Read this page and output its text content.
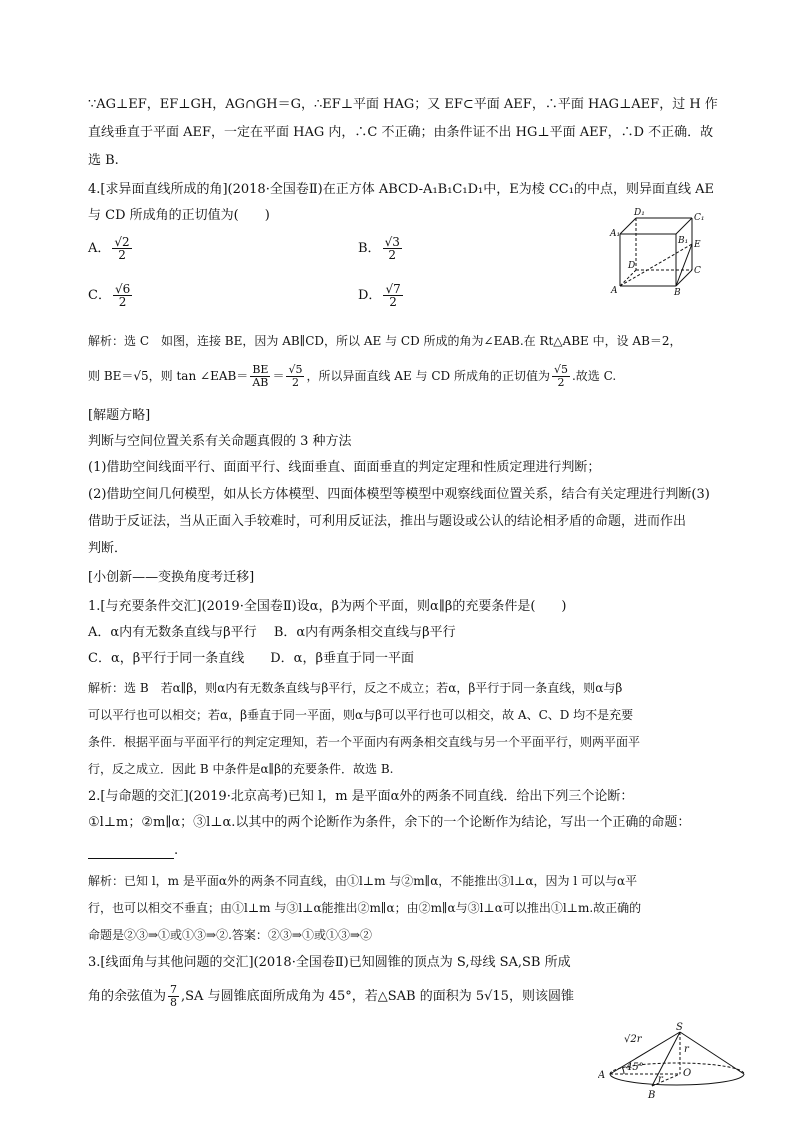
∵AG⊥EF，EF⊥GH，AG∩GH＝G，∴EF⊥平面 HAG；又 EF⊂平面 AEF，∴平面 HAG⊥AEF，过 H 作
直线垂直于平面 AEF，一定在平面 HAG 内，∴C 不正确；由条件证不出 HG⊥平面 AEF，∴D 不正确．故
选 B.
4.[求异面直线所成的角](2018·全国卷Ⅱ)在正方体 ABCD-A₁B₁C₁D₁中，E为棱 CC₁的中点，则异面直线 AE
与 CD 所成角的正切值为(　　)
A． $\frac{√2}{2}$	B． $\frac{√3}{2}$
C． $\frac{√6}{2}$	D． $\frac{√7}{2}$
D₁	C₁
A₁
B₁ E
D	C
A	B
解析：选 C　如图，连接 BE，因为 AB∥CD，所以 AE 与 CD 所成的角为∠EAB.在 Rt△ABE 中，设 AB＝2，
则 BE＝√5，则 tan ∠EAB＝ $\frac{BE}{AB} = \frac{√5}{2}$ ，所以异面直线 AE 与 CD 所成角的正切值为 $\frac{√5}{2}$ .故选 C.
[解题方略]
判断与空间位置关系有关命题真假的 3 种方法
(1)借助空间线面平行、面面平行、线面垂直、面面垂直的判定定理和性质定理进行判断；
(2)借助空间几何模型，如从长方体模型、四面体模型等模型中观察线面位置关系，结合有关定理进行判断(3)
借助于反证法，当从正面入手较难时，可利用反证法，推出与题设或公认的结论相矛盾的命题，进而作出
判断．
[小创新——变换角度考迁移]
1.[与充要条件交汇](2019·全国卷Ⅱ)设α，β为两个平面，则α∥β的充要条件是(　　)
A．α内有无数条直线与β平行　 B．α内有两条相交直线与β平行
C．α，β平行于同一条直线　　D．α，β垂直于同一平面
解析：选 B　若α∥β，则α内有无数条直线与β平行，反之不成立；若α，β平行于同一条直线，则α与β
可以平行也可以相交；若α，β垂直于同一平面，则α与β可以平行也可以相交，故 A、C、D 均不是充要
条件．根据平面与平面平行的判定定理知，若一个平面内有两条相交直线与另一个平面平行，则两平面平
行，反之成立．因此 B 中条件是α∥β的充要条件．故选 B.
2.[与命题的交汇](2019·北京高考)已知 l，m 是平面α外的两条不同直线．给出下列三个论断：
①l⊥m；②m∥α；③l⊥α.以其中的两个论断作为条件，余下的一个论断作为结论，写出一个正确的命题：
.
解析：已知 l，m 是平面α外的两条不同直线，由①l⊥m 与②m∥α，不能推出③l⊥α，因为 l 可以与α平
行，也可以相交不垂直；由①l⊥m 与③l⊥α能推出②m∥α；由②m∥α与③l⊥α可以推出①l⊥m.故正确的
命题是②③⇒①或①③⇒②.答案：②③⇒①或①③⇒②
3.[线面角与其他问题的交汇](2018·全国卷Ⅱ)已知圆锥的顶点为 S,母线 SA,SB 所成
角的余弦值为 $\frac{7}{8} ,SA$ 与圆锥底面所成角为 45°，若△SAB 的面积为 5√15，则该圆锥
S
A
B
O
r
√2r
45°
r
